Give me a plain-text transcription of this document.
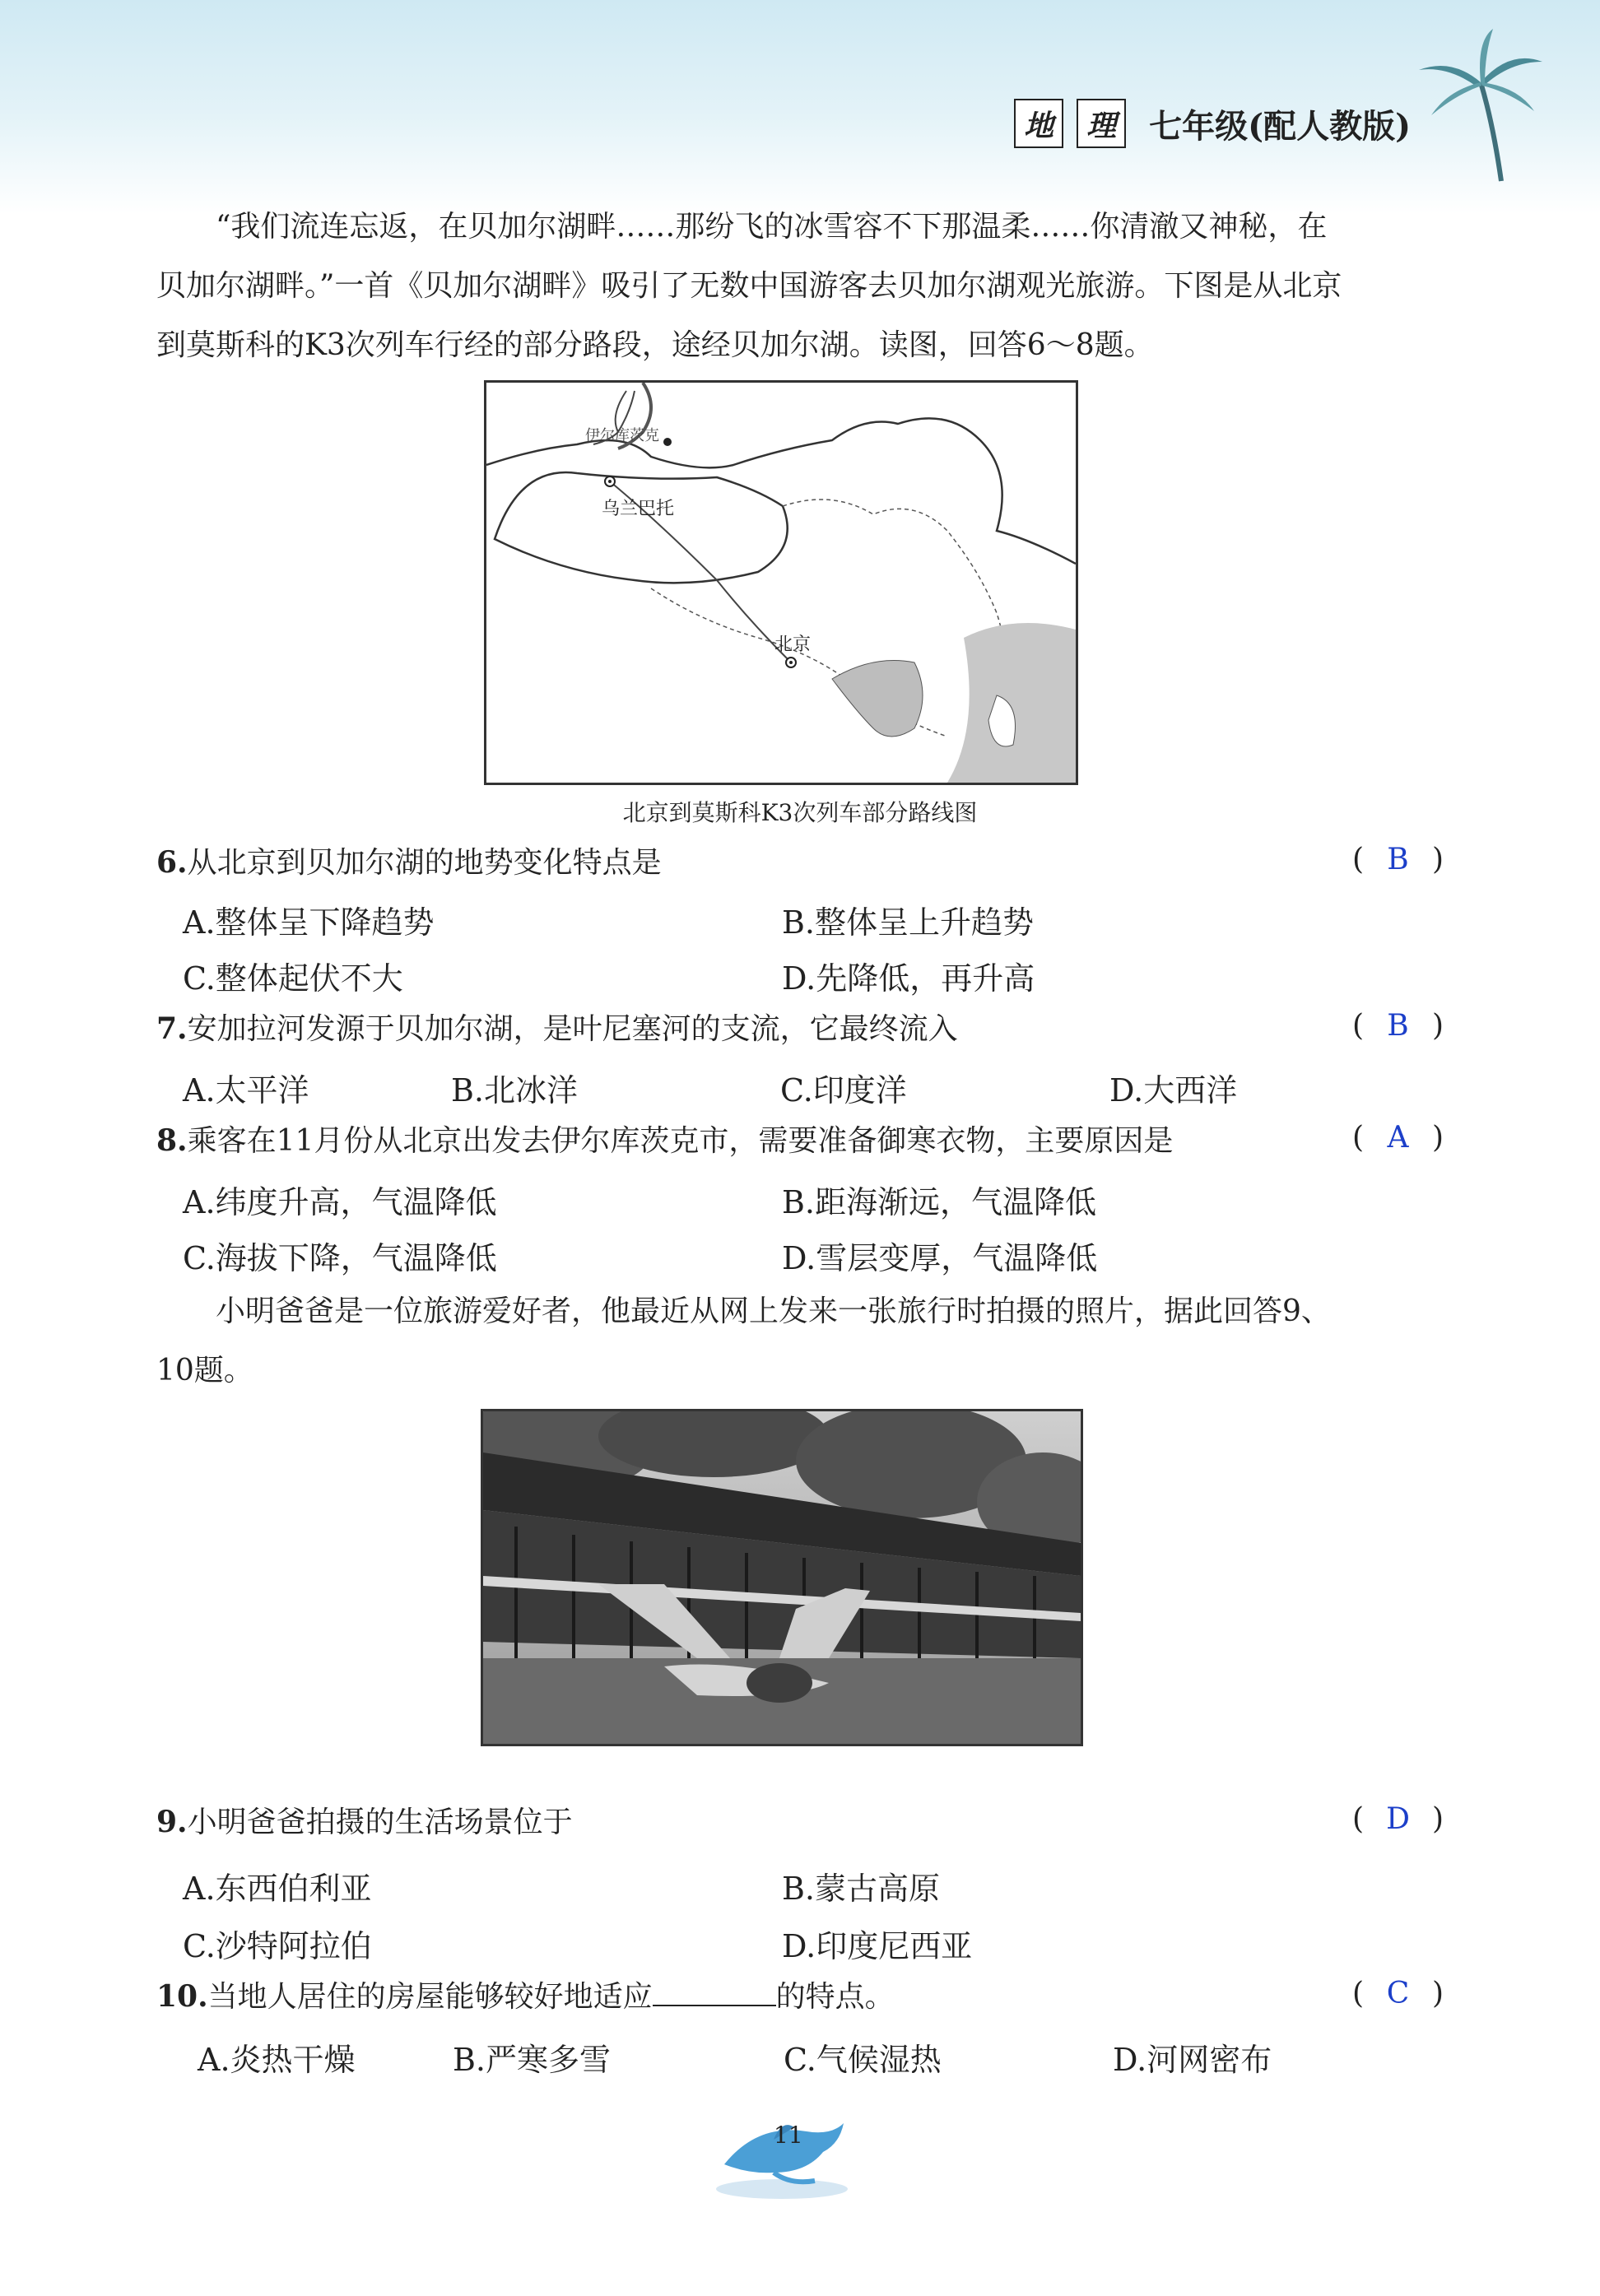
地	理	七年级(配人教版)
“我们流连忘返，在贝加尔湖畔……那纷飞的冰雪容不下那温柔……你清澈又神秘，在
贝加尔湖畔。”一首《贝加尔湖畔》吸引了无数中国游客去贝加尔湖观光旅游。下图是从北京
到莫斯科的K3次列车行经的部分路段，途经贝加尔湖。读图，回答6～8题。
伊尔库茨克
乌兰巴托
北京
北京到莫斯科K3次列车部分路线图
6.从北京到贝加尔湖的地势变化特点是	( B )
A.整体呈下降趋势	B.整体呈上升趋势
C.整体起伏不大	D.先降低，再升高
7.安加拉河发源于贝加尔湖，是叶尼塞河的支流，它最终流入	( B )
A.太平洋	B.北冰洋	C.印度洋	D.大西洋
8.乘客在11月份从北京出发去伊尔库茨克市，需要准备御寒衣物，主要原因是	( A )
A.纬度升高，气温降低	B.距海渐远，气温降低
C.海拔下降，气温降低	D.雪层变厚，气温降低
小明爸爸是一位旅游爱好者，他最近从网上发来一张旅行时拍摄的照片，据此回答9、
10题。
9.小明爸爸拍摄的生活场景位于	( D )
A.东西伯利亚	B.蒙古高原
C.沙特阿拉伯	D.印度尼西亚
10.当地人居住的房屋能够较好地适应	的特点。	( C )
A.炎热干燥	B.严寒多雪	C.气候湿热	D.河网密布
11
